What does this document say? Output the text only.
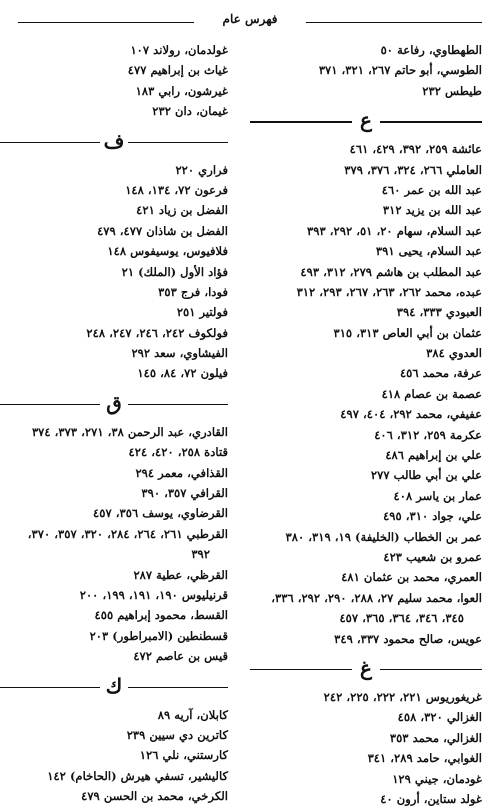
فهرس عام
الطهطاوي، رفاعة ٥٠
الطوسي، أبو حاتم ٢٦٧، ٣٢١، ٣٧١
طيطس ٢٣٢
ع
عائشة ٢٥٩، ٣٩٢، ٤٢٩، ٤٦١
العاملي ٢٦٦، ٣٢٤، ٣٧٦، ٣٧٩
عبد الله بن عمر ٤٦٠
عبد الله بن يزيد ٣١٢
عبد السلام، سهام ٢٠، ٥١، ٢٩٢، ٣٩٣
عبد السلام، يحيى ٣٩١
عبد المطلب بن هاشم ٢٧٩، ٣١٢، ٤٩٣
عبده، محمد ٢٦٢، ٢٦٣، ٢٦٧، ٢٩٣، ٣١٢
العبودي ٣٣٣، ٣٩٤
عثمان بن أبي العاص ٣١٣، ٣١٥
العدوي ٣٨٤
عرفة، محمد ٤٥٦
عصمة بن عصام ٤١٨
عفيفي، محمد ٢٩٢، ٤٠٤، ٤٩٧
عكرمة ٢٥٩، ٣١٢، ٤٠٦
علي بن إبراهيم ٤٨٦
علي بن أبي طالب ٢٧٧
عمار بن ياسر ٤٠٨
علي، جواد ٣١٠، ٤٩٥
عمر بن الخطاب (الخليفة) ١٩، ٣١٩، ٣٨٠
عمرو بن شعيب ٤٢٣
العمري، محمد بن عثمان ٤٨١
العوا، محمد سليم ٢٧، ٢٨٨، ٢٩٠، ٢٩٢، ٣٣٦،
٣٤٥، ٣٤٦، ٣٦٤، ٣٦٥، ٤٥٧
عويس، صالح محمود ٣٣٧، ٣٤٩
غ
غريغوريوس ٢٢١، ٢٢٢، ٢٢٥، ٢٤٢
الغزالي ٣٢٠، ٤٥٨
الغزالي، محمد ٣٥٣
الغوابي، حامد ٢٨٩، ٣٤١
غودمان، جيني ١٢٩
غولد ستاين، أرون ٤٠
غولدمان، رولاند ١٠٧
غياث بن إبراهيم ٤٧٧
غيرشون، رابي ١٨٣
غيمان، دان ٢٣٢
ف
فراري ٢٢٠
فرعون ٧٢، ١٣٤، ١٤٨
الفضل بن زياد ٤٢١
الفضل بن شاذان ٤٧٧، ٤٧٩
فلافيوس، يوسيفوس ١٤٨
فؤاد الأول (الملك) ٢١
فودا، فرج ٣٥٣
فولتير ٢٥١
فولكوف ٢٤٢، ٢٤٦، ٢٤٧، ٢٤٨
الفيشاوي، سعد ٢٩٢
فيلون ٧٢، ٨٤، ١٤٥
ق
القادري، عبد الرحمن ٣٨، ٢٧١، ٣٧٣، ٣٧٤
قتادة ٢٥٨، ٤٢٠، ٤٢٤
القذافي، معمر ٢٩٤
القرافي ٣٥٧، ٣٩٠
القرضاوي، يوسف ٣٥٦، ٤٥٧
القرطبي ٢٦١، ٢٦٤، ٢٨٤، ٣٢٠، ٣٥٧، ٣٧٠،
٣٩٢
القرظي، عطية ٢٨٧
قرنيليوس ١٩٠، ١٩١، ١٩٩، ٢٠٠
القسط، محمود إبراهيم ٤٥٥
قسطنطين (الامبراطور) ٢٠٣
قيس بن عاصم ٤٧٢
ك
كابلان، آريه ٨٩
كاترين دي سيين ٢٣٩
كارستني، نلي ١٢٦
كاليشير، تسفي هيرش (الحاخام) ١٤٢
الكرخي، محمد بن الحسن ٤٧٩
